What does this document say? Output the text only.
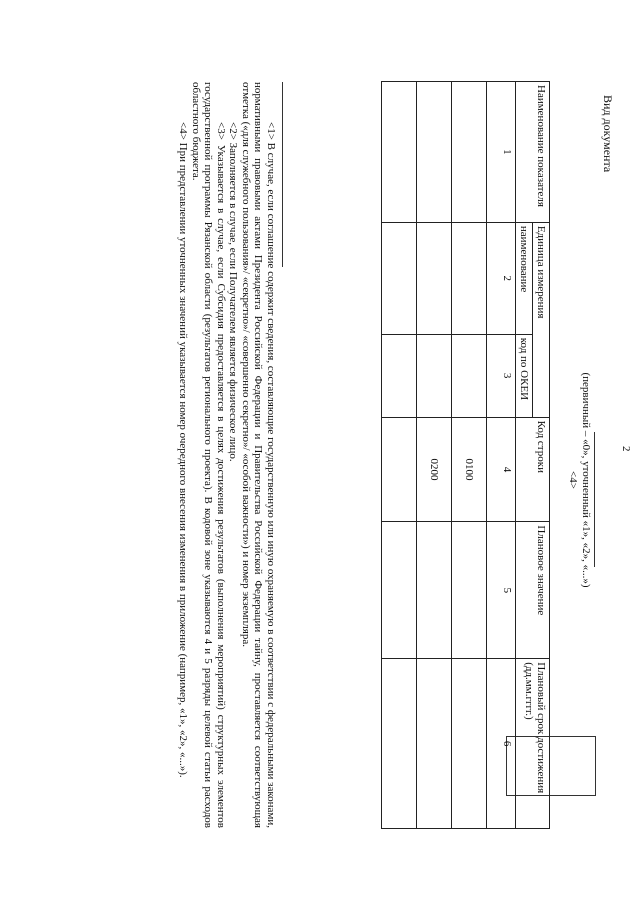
2
Вид документа
(первичный – «0», уточненный «1», «2», «...»)
<4>
Наименование показателя	Единица измерения		Код строки	Плановое значение	Плановый срок достижения (дд.мм.гггг.)
	наименование	код по ОКЕИ			
1	2	3	4	5	6
			0100		
			0200		

<1> В случае, если соглашение содержит сведения, составляющие государственную или иную охраняемую в соответствии с федеральными законами, нормативными правовыми актами Президента Российской Федерации и Правительства Российской Федерации тайну, проставляется соответствующая отметка («для служебного пользования»/ «секретно»/ «совершенно секретно»/ «особой важности») и номер экземпляра.

<2> Заполняется в случае, если Получателем является физическое лицо.

<3> Указывается в случае, если Субсидия предоставляется в целях достижения результатов (выполнения мероприятий) структурных элементов государственной программы Рязанской области (результатов регионального проекта). В кодовой зоне указываются 4 и 5 разряды целевой статьи расходов областного бюджета.

<4> При представлении уточненных значений указывается номер очередного внесения изменения в приложение (например, «1», «2», «...»).
